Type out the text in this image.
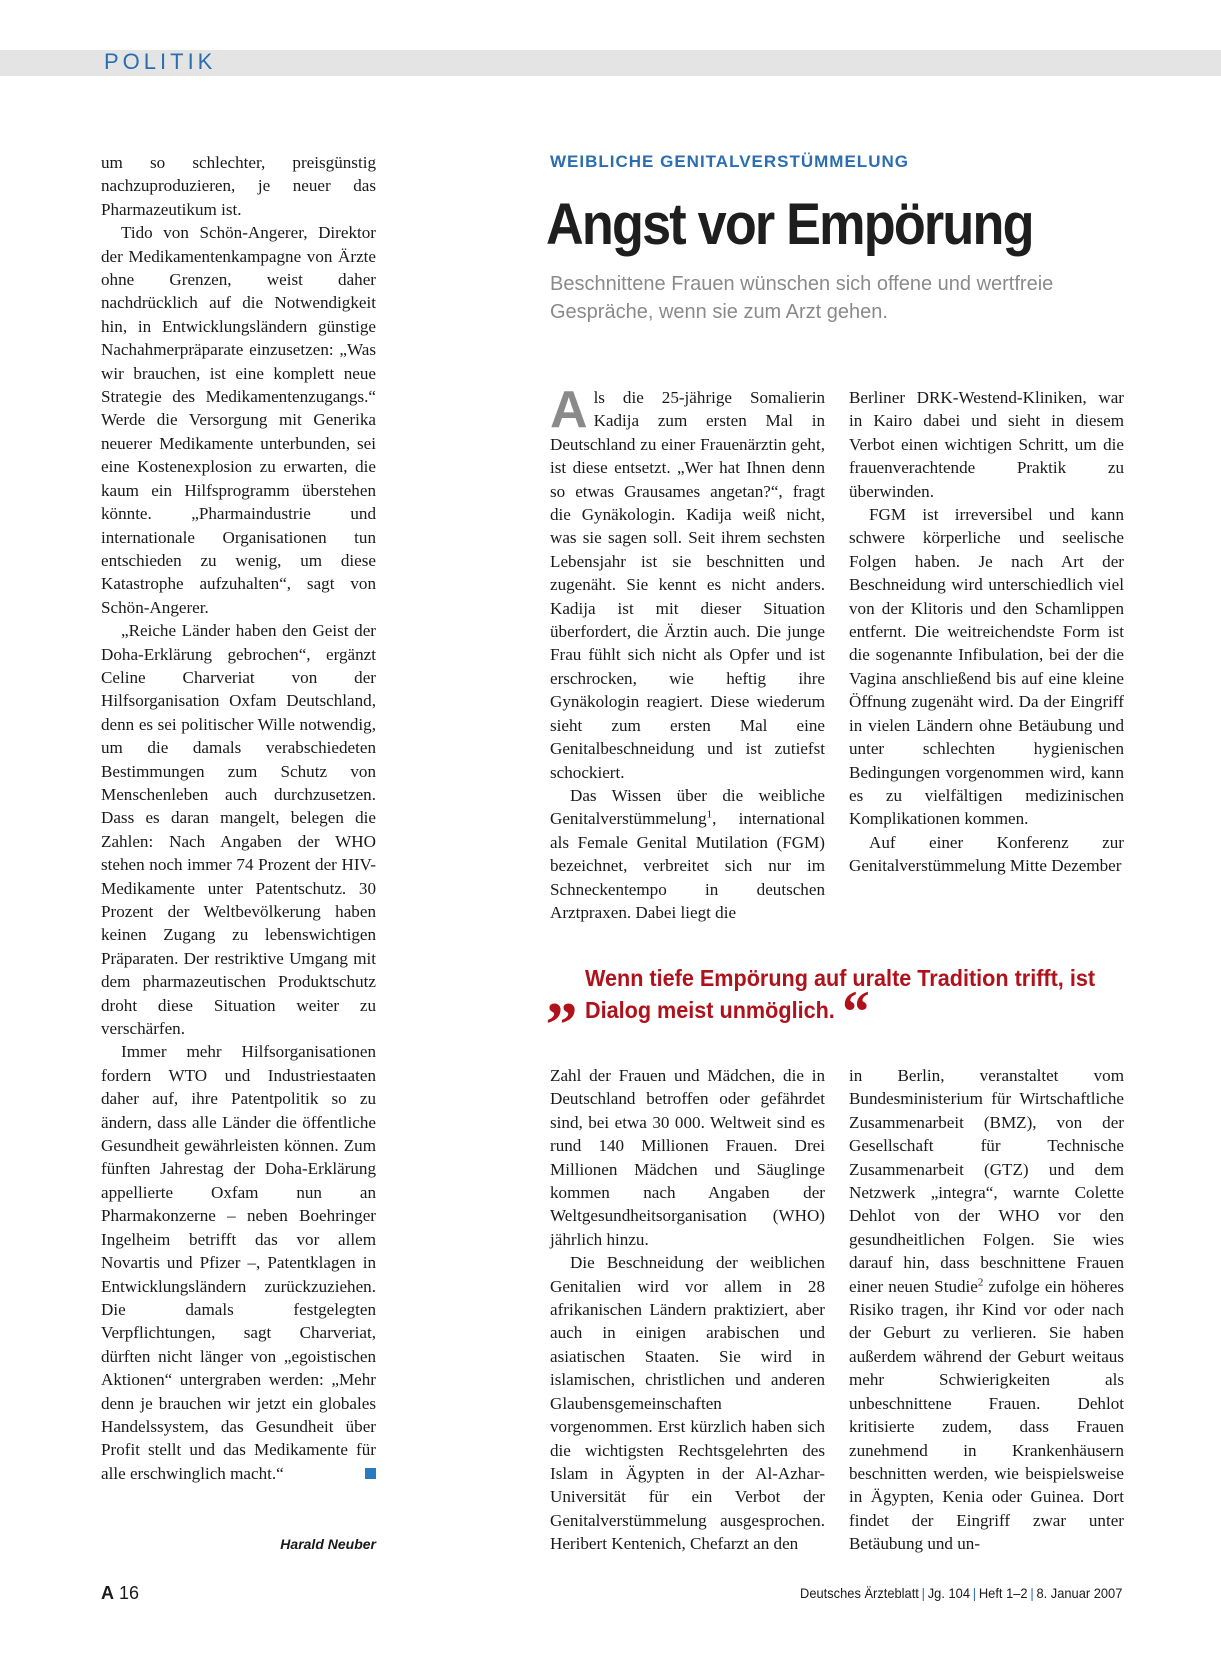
POLITIK

um so schlechter, preisgünstig nachzuproduzieren, je neuer das Pharmazeutikum ist.

Tido von Schön-Angerer, Direktor der Medikamentenkampagne von Ärzte ohne Grenzen, weist daher nachdrücklich auf die Notwendigkeit hin, in Entwicklungsländern günstige Nachahmerpräparate einzusetzen: „Was wir brauchen, ist eine komplett neue Strategie des Medikamentenzugangs.“ Werde die Versorgung mit Generika neuerer Medikamente unterbunden, sei eine Kostenexplosion zu erwarten, die kaum ein Hilfsprogramm überstehen könnte. „Pharmaindustrie und internationale Organisationen tun entschieden zu wenig, um diese Katastrophe aufzuhalten“, sagt von Schön-Angerer.

„Reiche Länder haben den Geist der Doha-Erklärung gebrochen“, ergänzt Celine Charveriat von der Hilfsorganisation Oxfam Deutschland, denn es sei politischer Wille notwendig, um die damals verabschiedeten Bestimmungen zum Schutz von Menschenleben auch durchzusetzen. Dass es daran mangelt, belegen die Zahlen: Nach Angaben der WHO stehen noch immer 74 Prozent der HIV-Medikamente unter Patentschutz. 30 Prozent der Weltbevölkerung haben keinen Zugang zu lebenswichtigen Präparaten. Der restriktive Umgang mit dem pharmazeutischen Produktschutz droht diese Situation weiter zu verschärfen.

Immer mehr Hilfsorganisationen fordern WTO und Industriestaaten daher auf, ihre Patentpolitik so zu ändern, dass alle Länder die öffentliche Gesundheit gewährleisten können. Zum fünften Jahrestag der Doha-Erklärung appellierte Oxfam nun an Pharmakonzerne – neben Boehringer Ingelheim betrifft das vor allem Novartis und Pfizer –, Patentklagen in Entwicklungsländern zurückzuziehen. Die damals festgelegten Verpflichtungen, sagt Charveriat, dürften nicht länger von „egoistischen Aktionen“ untergraben werden: „Mehr denn je brauchen wir jetzt ein globales Handelssystem, das Gesundheit über Profit stellt und das Medikamente für alle erschwinglich macht.“

Harald Neuber
WEIBLICHE GENITALVERSTÜMMELUNG
Angst vor Empörung
Beschnittene Frauen wünschen sich offene und wertfreie Gespräche, wenn sie zum Arzt gehen.

Als die 25-jährige Somalierin Kadija zum ersten Mal in Deutschland zu einer Frauenärztin geht, ist diese entsetzt. „Wer hat Ihnen denn so etwas Grausames angetan?“, fragt die Gynäkologin. Kadija weiß nicht, was sie sagen soll. Seit ihrem sechsten Lebensjahr ist sie beschnitten und zugenäht. Sie kennt es nicht anders. Kadija ist mit dieser Situation überfordert, die Ärztin auch. Die junge Frau fühlt sich nicht als Opfer und ist erschrocken, wie heftig ihre Gynäkologin reagiert. Diese wiederum sieht zum ersten Mal eine Genitalbeschneidung und ist zutiefst schockiert.

Das Wissen über die weibliche Genitalverstümmelung$^1$, international als Female Genital Mutilation (FGM) bezeichnet, verbreitet sich nur im Schneckentempo in deutschen Arztpraxen. Dabei liegt die

Berliner DRK-Westend-Kliniken, war in Kairo dabei und sieht in diesem Verbot einen wichtigen Schritt, um die frauenverachtende Praktik zu überwinden.

FGM ist irreversibel und kann schwere körperliche und seelische Folgen haben. Je nach Art der Beschneidung wird unterschiedlich viel von der Klitoris und den Schamlippen entfernt. Die weitreichendste Form ist die sogenannte Infibulation, bei der die Vagina anschließend bis auf eine kleine Öffnung zugenäht wird. Da der Eingriff in vielen Ländern ohne Betäubung und unter schlechten hygienischen Bedingungen vorgenommen wird, kann es zu vielfältigen medizinischen Komplikationen kommen.

Auf einer Konferenz zur Genitalverstümmelung Mitte Dezember

„ Wenn tiefe Empörung auf uralte Tradition trifft, ist Dialog meist unmöglich. “

Zahl der Frauen und Mädchen, die in Deutschland betroffen oder gefährdet sind, bei etwa 30 000. Weltweit sind es rund 140 Millionen Frauen. Drei Millionen Mädchen und Säuglinge kommen nach Angaben der Weltgesundheitsorganisation (WHO) jährlich hinzu.

Die Beschneidung der weiblichen Genitalien wird vor allem in 28 afrikanischen Ländern praktiziert, aber auch in einigen arabischen und asiatischen Staaten. Sie wird in islamischen, christlichen und anderen Glaubensgemeinschaften vorgenommen. Erst kürzlich haben sich die wichtigsten Rechtsgelehrten des Islam in Ägypten in der Al-Azhar-Universität für ein Verbot der Genitalverstümmelung ausgesprochen. Heribert Kentenich, Chefarzt an den

in Berlin, veranstaltet vom Bundesministerium für Wirtschaftliche Zusammenarbeit (BMZ), von der Gesellschaft für Technische Zusammenarbeit (GTZ) und dem Netzwerk „integra“, warnte Colette Dehlot von der WHO vor den gesundheitlichen Folgen. Sie wies darauf hin, dass beschnittene Frauen einer neuen Studie$^2$ zufolge ein höheres Risiko tragen, ihr Kind vor oder nach der Geburt zu verlieren. Sie haben außerdem während der Geburt weitaus mehr Schwierigkeiten als unbeschnittene Frauen. Dehlot kritisierte zudem, dass Frauen zunehmend in Krankenhäusern beschnitten werden, wie beispielsweise in Ägypten, Kenia oder Guinea. Dort findet der Eingriff zwar unter Betäubung und un-

A 16	Deutsches Ärzteblatt | Jg. 104 | Heft 1–2 | 8. Januar 2007
